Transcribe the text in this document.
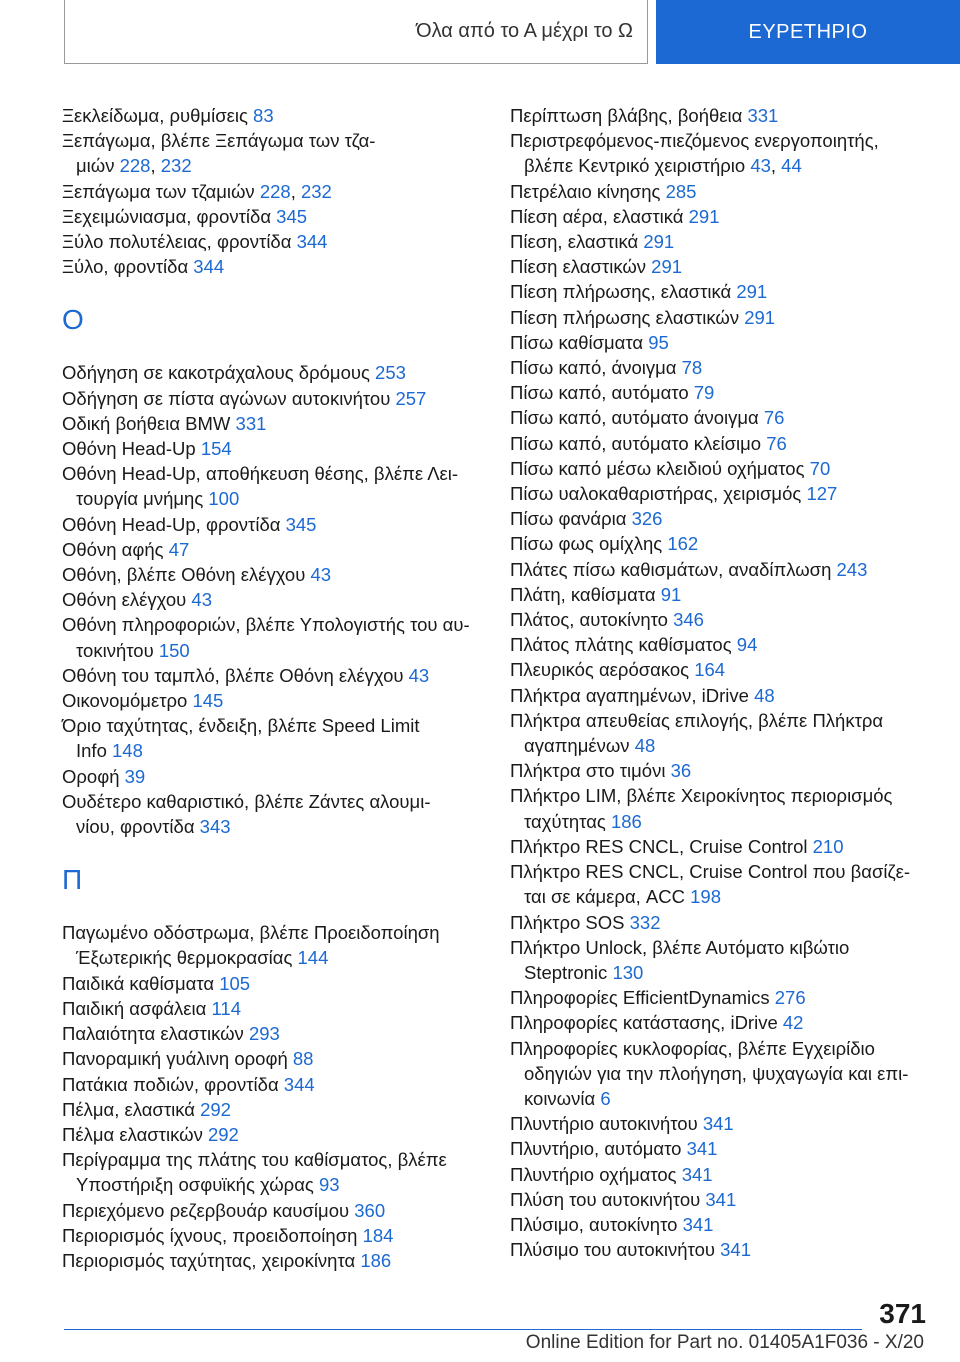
Όλα από το Α μέχρι το Ω	ΕΥΡΕΤΗΡΙΟ
Ξεκλείδωμα, ρυθμίσεις 83
Ξεπάγωμα, βλέπε Ξεπάγωμα των τζα-
μιών 228, 232
Ξεπάγωμα των τζαμιών 228, 232
Ξεχειμώνιασμα, φροντίδα 345
Ξύλο πολυτέλειας, φροντίδα 344
Ξύλο, φροντίδα 344
Ο
Οδήγηση σε κακοτράχαλους δρόμους 253
Οδήγηση σε πίστα αγώνων αυτοκινήτου 257
Οδική βοήθεια BMW 331
Οθόνη Head-Up 154
Οθόνη Head-Up, αποθήκευση θέσης, βλέπε Λει-
τουργία μνήμης 100
Οθόνη Head-Up, φροντίδα 345
Οθόνη αφής 47
Οθόνη, βλέπε Οθόνη ελέγχου 43
Οθόνη ελέγχου 43
Οθόνη πληροφοριών, βλέπε Υπολογιστής του αυ-
τοκινήτου 150
Οθόνη του ταμπλό, βλέπε Οθόνη ελέγχου 43
Οικονομόμετρο 145
Όριο ταχύτητας, ένδειξη, βλέπε Speed Limit
Info 148
Οροφή 39
Ουδέτερο καθαριστικό, βλέπε Ζάντες αλουμι-
νίου, φροντίδα 343
Π
Παγωμένο οδόστρωμα, βλέπε Προειδοποίηση
Έξωτερικής θερμοκρασίας 144
Παιδικά καθίσματα 105
Παιδική ασφάλεια 114
Παλαιότητα ελαστικών 293
Πανοραμική γυάλινη οροφή 88
Πατάκια ποδιών, φροντίδα 344
Πέλμα, ελαστικά 292
Πέλμα ελαστικών 292
Περίγραμμα της πλάτης του καθίσματος, βλέπε
Υποστήριξη οσφυϊκής χώρας 93
Περιεχόμενο ρεζερβουάρ καυσίμου 360
Περιορισμός ίχνους, προειδοποίηση 184
Περιορισμός ταχύτητας, χειροκίνητα 186
Περίπτωση βλάβης, βοήθεια 331
Περιστρεφόμενος-πιεζόμενος ενεργοποιητής,
βλέπε Κεντρικό χειριστήριο 43, 44
Πετρέλαιο κίνησης 285
Πίεση αέρα, ελαστικά 291
Πίεση, ελαστικά 291
Πίεση ελαστικών 291
Πίεση πλήρωσης, ελαστικά 291
Πίεση πλήρωσης ελαστικών 291
Πίσω καθίσματα 95
Πίσω καπό, άνοιγμα 78
Πίσω καπό, αυτόματο 79
Πίσω καπό, αυτόματο άνοιγμα 76
Πίσω καπό, αυτόματο κλείσιμο 76
Πίσω καπό μέσω κλειδιού οχήματος 70
Πίσω υαλοκαθαριστήρας, χειρισμός 127
Πίσω φανάρια 326
Πίσω φως ομίχλης 162
Πλάτες πίσω καθισμάτων, αναδίπλωση 243
Πλάτη, καθίσματα 91
Πλάτος, αυτοκίνητο 346
Πλάτος πλάτης καθίσματος 94
Πλευρικός αερόσακος 164
Πλήκτρα αγαπημένων, iDrive 48
Πλήκτρα απευθείας επιλογής, βλέπε Πλήκτρα
αγαπημένων 48
Πλήκτρα στο τιμόνι 36
Πλήκτρο LIM, βλέπε Χειροκίνητος περιορισμός
ταχύτητας 186
Πλήκτρο RES CNCL, Cruise Control 210
Πλήκτρο RES CNCL, Cruise Control που βασίζε-
ται σε κάμερα, ACC 198
Πλήκτρο SOS 332
Πλήκτρο Unlock, βλέπε Αυτόματο κιβώτιο
Steptronic 130
Πληροφορίες EfficientDynamics 276
Πληροφορίες κατάστασης, iDrive 42
Πληροφορίες κυκλοφορίας, βλέπε Εγχειρίδιο
οδηγιών για την πλοήγηση, ψυχαγωγία και επι-
κοινωνία 6
Πλυντήριο αυτοκινήτου 341
Πλυντήριο, αυτόματο 341
Πλυντήριο οχήματος 341
Πλύση του αυτοκινήτου 341
Πλύσιμο, αυτοκίνητο 341
Πλύσιμο του αυτοκινήτου 341
371
Online Edition for Part no. 01405A1F036 - X/20
